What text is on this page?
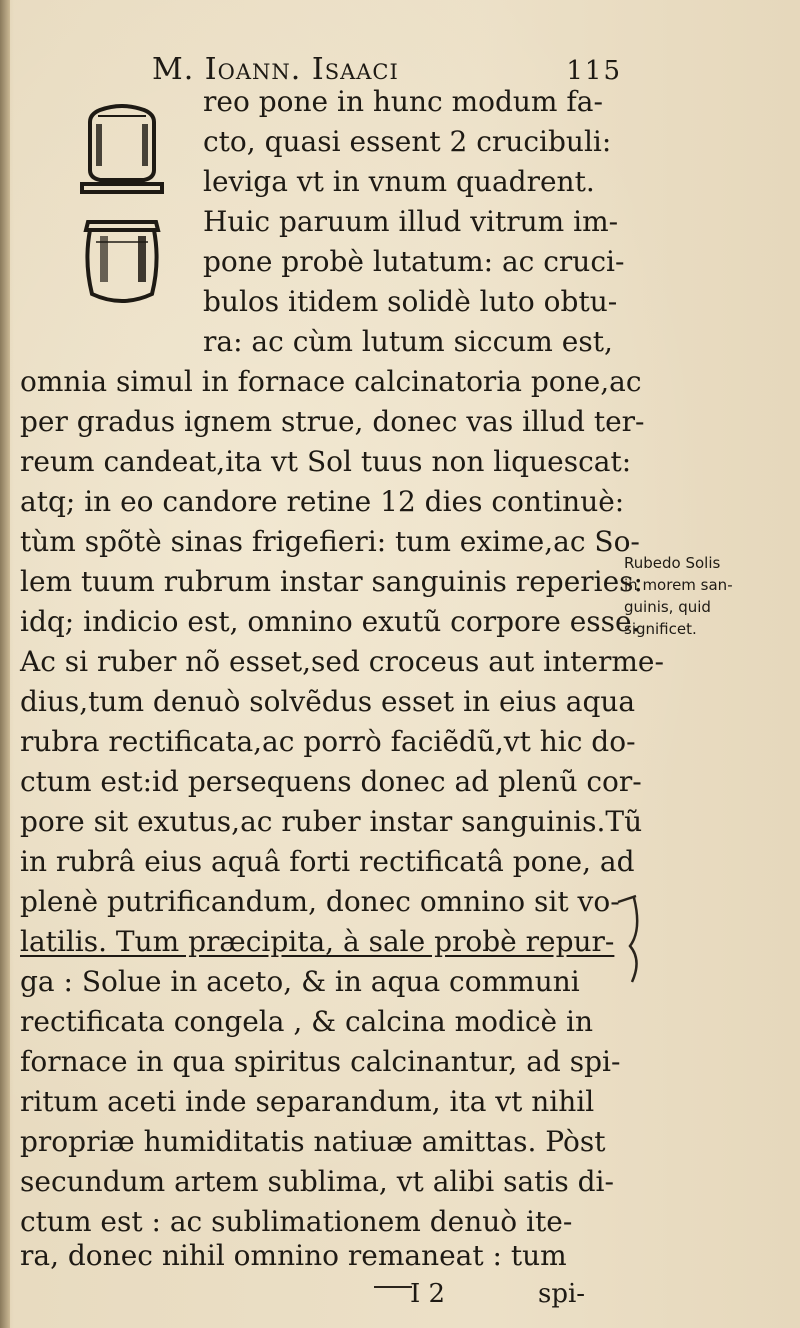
M. Ioann. Isaaci	115
reo pone in hunc modum fa-
cto, quasi essent 2 crucibuli:
leviga vt in vnum quadrent.
Huic paruum illud vitrum im-
pone probè lutatum: ac cruci-
bulos itidem solidè luto obtu-
ra: ac cùm lutum siccum est,
omnia simul in fornace calcinatoria pone,ac
per gradus ignem strue, donec vas illud ter-
reum candeat,ita vt Sol tuus non liquescat:
atq; in eo candore retine 12 dies continuè:
tùm spõtè sinas frigefieri: tum exime,ac So-
lem tuum rubrum instar sanguinis reperies:
idq; indicio est, omnino exutũ corpore esse.
Ac si ruber nõ esset,sed croceus aut interme-
dius,tum denuò solvẽdus esset in eius aqua
rubra rectificata,ac porrò faciẽdũ,vt hic do-
ctum est:id persequens donec ad plenũ cor-
pore sit exutus,ac ruber instar sanguinis.Tũ
in rubrâ eius aquâ forti rectificatâ pone, ad
plenè putrificandum, donec omnino sit vo-
latilis. Tum præcipita, à sale probè repur-
ga : Solue in aceto, & in aqua communi
rectificata congela , & calcina modicè in
fornace in qua spiritus calcinantur, ad spi-
ritum aceti inde separandum, ita vt nihil
propriæ humiditatis natiuæ amittas. Pòst
secundum artem sublima, vt alibi satis di-
ctum est : ac sublimationem denuò ite-
ra, donec nihil omnino remaneat : tum
Rubedo Solis
in morem san-
guinis, quid
significet.
I 2	spi-
